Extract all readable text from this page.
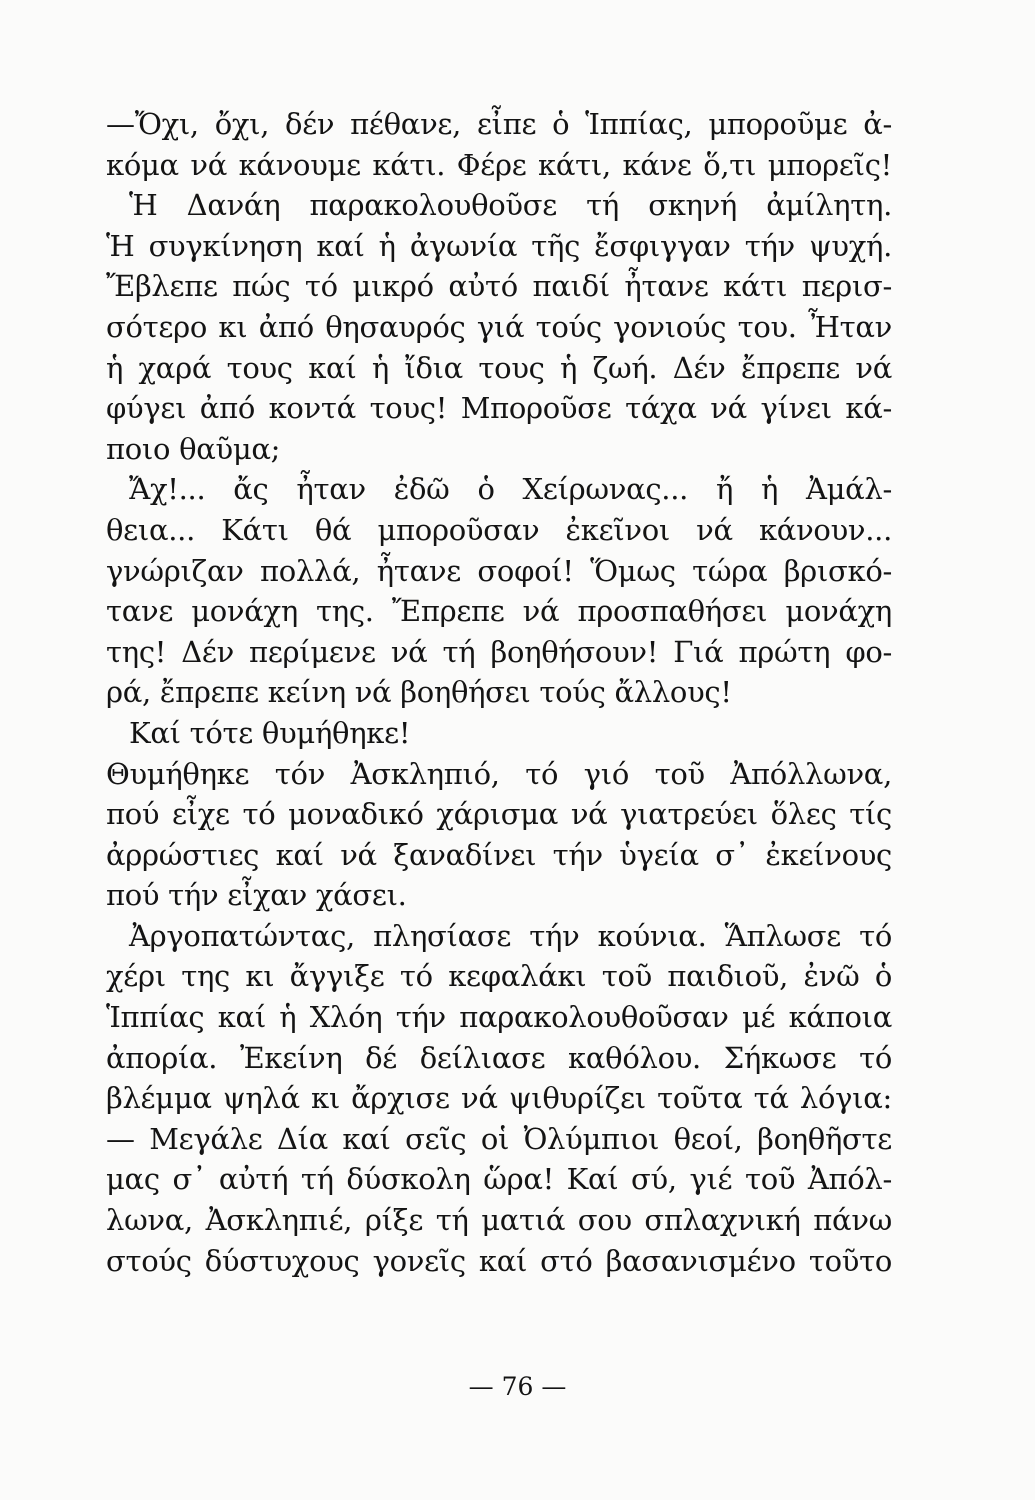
—Ὄχι, ὄχι, δέν πέθανε, εἶπε ὁ Ἱππίας, μποροῦμε ἀ-
κόμα νά κάνουμε κάτι. Φέρε κάτι, κάνε ὅ,τι μπορεῖς!
Ἡ Δανάη παρακολουθοῦσε τή σκηνή ἀμίλητη.
Ἡ συγκίνηση καί ἡ ἀγωνία τῆς ἔσφιγγαν τήν ψυχή.
Ἔβλεπε πώς τό μικρό αὐτό παιδί ἦτανε κάτι περισ-
σότερο κι ἀπό θησαυρός γιά τούς γονιούς του. Ἦταν
ἡ χαρά τους καί ἡ ἴδια τους ἡ ζωή. Δέν ἔπρεπε νά
φύγει ἀπό κοντά τους! Μποροῦσε τάχα νά γίνει κά-
ποιο θαῦμα;
Ἄχ!... ἄς ἦταν ἐδῶ ὁ Χείρωνας... ἤ ἡ Ἀμάλ-
θεια... Κάτι θά μποροῦσαν ἐκεῖνοι νά κάνουν...
γνώριζαν πολλά, ἦτανε σοφοί! Ὅμως τώρα βρισκό-
τανε μονάχη της. Ἔπρεπε νά προσπαθήσει μονάχη
της! Δέν περίμενε νά τή βοηθήσουν! Γιά πρώτη φο-
ρά, ἔπρεπε κείνη νά βοηθήσει τούς ἄλλους!
Καί τότε θυμήθηκε!
Θυμήθηκε τόν Ἀσκληπιό, τό γιό τοῦ Ἀπόλλωνα,
πού εἶχε τό μοναδικό χάρισμα νά γιατρεύει ὅλες τίς
ἀρρώστιες καί νά ξαναδίνει τήν ὑγεία σ᾽ ἐκείνους
πού τήν εἶχαν χάσει.
Ἀργοπατώντας, πλησίασε τήν κούνια. Ἅπλωσε τό
χέρι της κι ἄγγιξε τό κεφαλάκι τοῦ παιδιοῦ, ἐνῶ ὁ
Ἱππίας καί ἡ Χλόη τήν παρακολουθοῦσαν μέ κάποια
ἀπορία. Ἐκείνη δέ δείλιασε καθόλου. Σήκωσε τό
βλέμμα ψηλά κι ἄρχισε νά ψιθυρίζει τοῦτα τά λόγια:
— Μεγάλε Δία καί σεῖς οἱ Ὀλύμπιοι θεοί, βοηθῆστε
μας σ᾽ αὐτή τή δύσκολη ὥρα! Καί σύ, γιέ τοῦ Ἀπόλ-
λωνα, Ἀσκληπιέ, ρίξε τή ματιά σου σπλαχνική πάνω
στούς δύστυχους γονεῖς καί στό βασανισμένο τοῦτο
— 76 —
